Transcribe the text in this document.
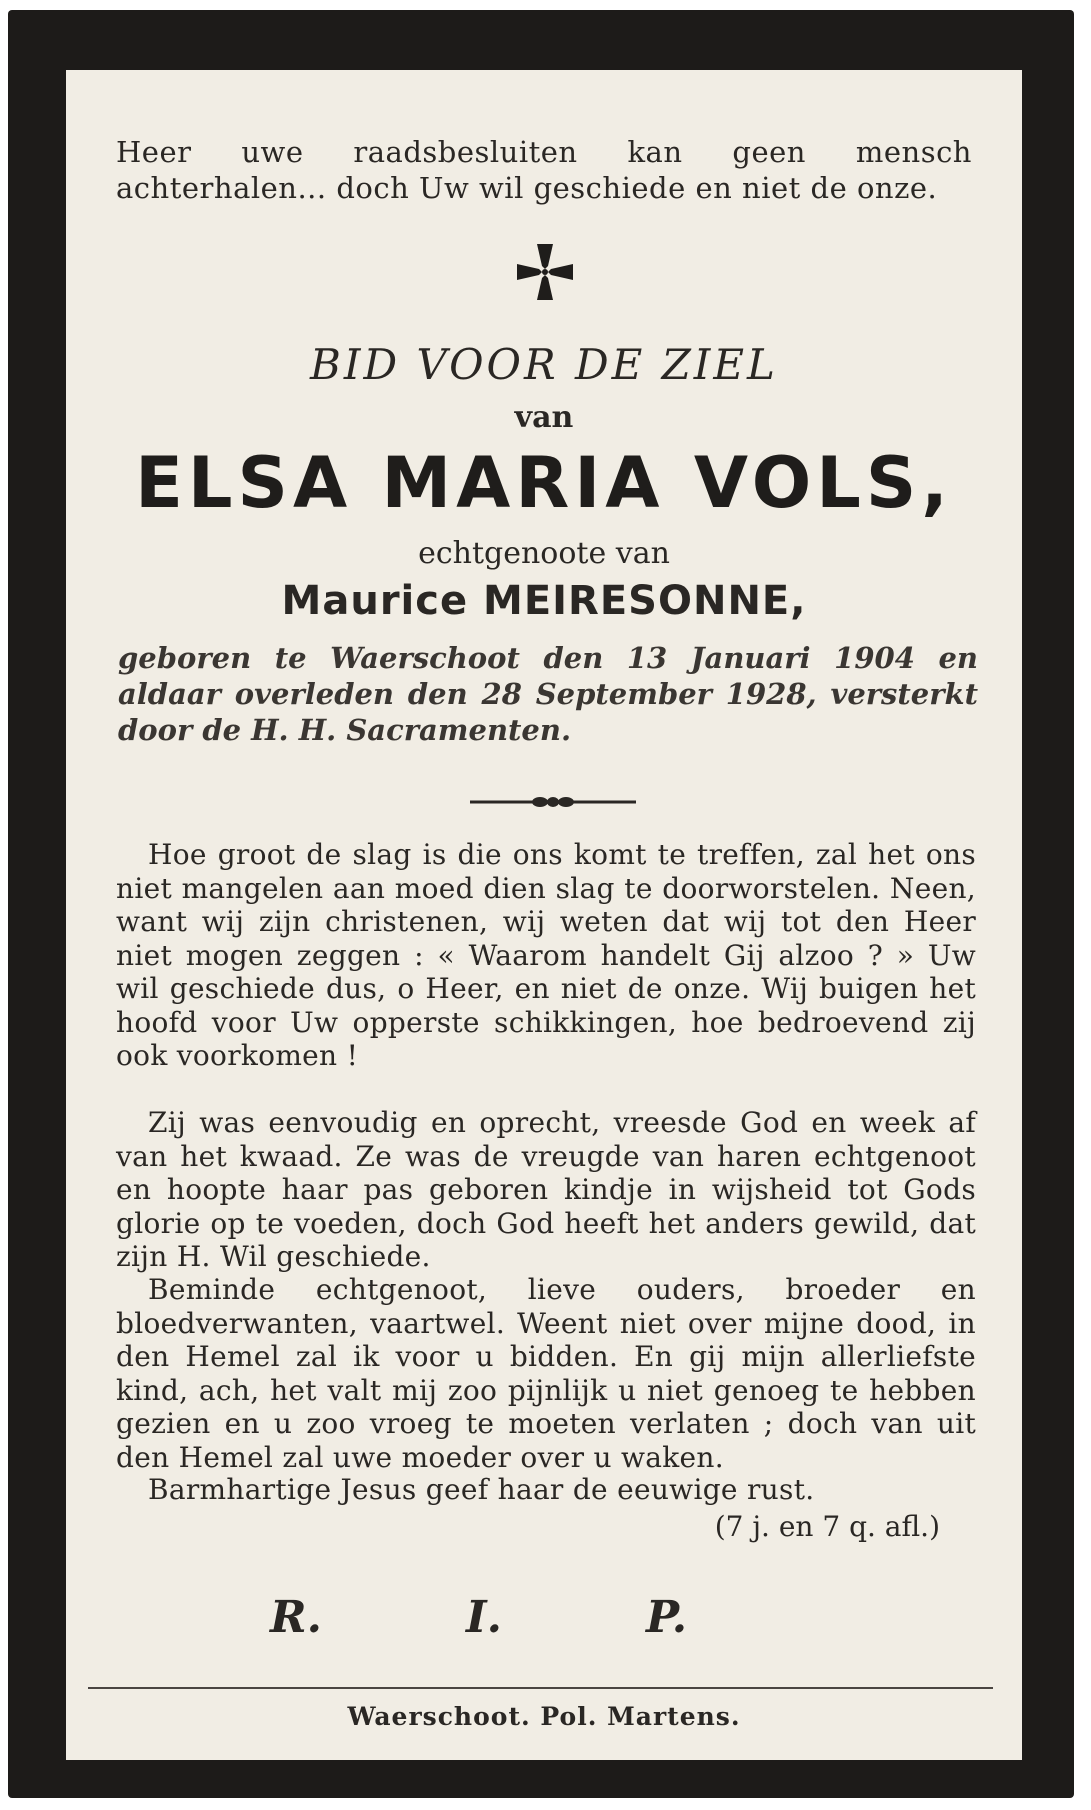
Heer uwe raadsbesluiten kan geen mensch achterhalen... doch Uw wil geschiede en niet de onze.
BID VOOR DE ZIEL
van
ELSA MARIA VOLS,
echtgenoote van
Maurice MEIRESONNE,
geboren te Waerschoot den 13 Januari 1904 en aldaar overleden den 28 September 1928, versterkt door de H. H. Sacramenten.
Hoe groot de slag is die ons komt te treffen, zal het ons niet mangelen aan moed dien slag te doorworstelen. Neen, want wij zijn christenen, wij weten dat wij tot den Heer niet mogen zeggen : « Waarom handelt Gij alzoo ? » Uw wil geschiede dus, o Heer, en niet de onze. Wij buigen het hoofd voor Uw opperste schikkingen, hoe bedroevend zij ook voorkomen !
Zij was eenvoudig en oprecht, vreesde God en week af van het kwaad. Ze was de vreugde van haren echtgenoot en hoopte haar pas geboren kindje in wijsheid tot Gods glorie op te voeden, doch God heeft het anders gewild, dat zijn H. Wil geschiede.
Beminde echtgenoot, lieve ouders, broeder en bloedverwanten, vaartwel. Weent niet over mijne dood, in den Hemel zal ik voor u bidden. En gij mijn allerliefste kind, ach, het valt mij zoo pijnlijk u niet genoeg te hebben gezien en u zoo vroeg te moeten verlaten ; doch van uit den Hemel zal uwe moeder over u waken.
Barmhartige Jesus geef haar de eeuwige rust.
(7 j. en 7 q. afl.)
R.	I.	P.
Waerschoot. Pol. Martens.
